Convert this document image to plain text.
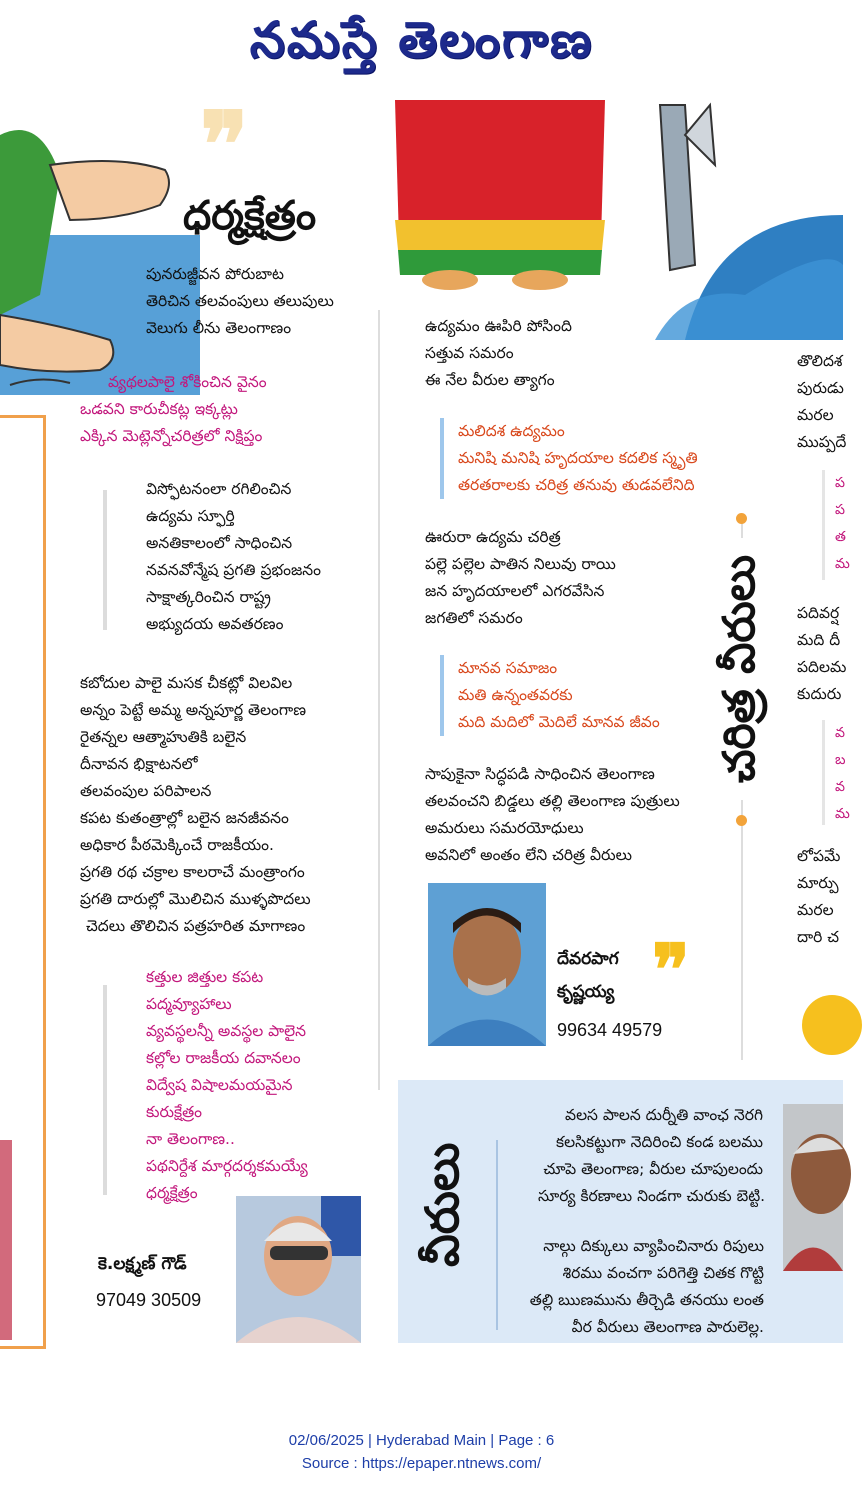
నమస్తే తెలంగాణ
❞
ధర్మక్షేత్రం
పునరుజ్జీవన పోరుబాట
తెరిచిన తలవంపులు తలుపులు
వెలుగు లీను తెలంగాణం
వ్యథలపాలై శోకించిన వైనం
ఒడవని కారుచీకట్ల ఇక్కట్లు
ఎక్కిన మెట్లెన్నోచరిత్రలో నిక్షిప్తం
విస్ఫోటనంలా రగిలించిన
ఉద్యమ స్ఫూర్తి
అనతికాలంలో సాధించిన
నవనవోన్మేష ప్రగతి ప్రభంజనం
సాక్షాత్కరించిన రాష్ట్ర
అభ్యుదయ అవతరణం
కబోదుల పాలై మసక చీకట్లో విలవిల
అన్నం పెట్టే అమ్మ అన్నపూర్ణ తెలంగాణ
రైతన్నల ఆత్మాహుతికి బలైన
దీనావన భిక్షాటనలో
తలవంపుల పరిపాలన
కపట కుతంత్రాల్లో బలైన జనజీవనం
అధికార పీఠమెక్కించే రాజకీయం.
ప్రగతి రథ చక్రాల కాలరాచే మంత్రాంగం
ప్రగతి దారుల్లో మొలిచిన ముళ్ళపొదలు
చెదలు తొలిచిన పత్రహరిత మాగాణం
కత్తుల జిత్తుల కపట
పద్మవ్యూహాలు
వ్యవస్థలన్నీ అవస్థల పాలైన
కల్లోల రాజకీయ దవానలం
విద్వేష విషాలమయమైన
కురుక్షేత్రం
నా తెలంగాణ..
పథనిర్దేశ మార్గదర్శకమయ్యే
ధర్మక్షేత్రం
కె.లక్ష్మణ్ గౌడ్
97049 30509
ఉద్యమం ఊపిరి పోసింది
సత్తువ సమరం
ఈ నేల వీరుల త్యాగం
మలిదశ ఉద్యమం
మనిషి మనిషి హృదయాల కదలిక స్మృతి
తరతరాలకు చరిత్ర తనువు తుడవలేనిది
ఊరురా ఉద్యమ చరిత్ర
పల్లె పల్లెల పాతిన నిలువు రాయి
జన హృదయాలలో ఎగరవేసిన
జగతిలో సమరం
మానవ సమాజం
మతి ఉన్నంతవరకు
మది మదిలో మెదిలే మానవ జీవం
సాపుకైనా సిద్ధపడి సాధించిన తెలంగాణ
తలవంచని బిడ్డలు తల్లి తెలంగాణ పుత్రులు
అమరులు సమరయోధులు
అవనిలో అంతం లేని చరిత్ర వీరులు
దేవరపాగ
కృష్ణయ్య
99634 49579
❞
చరిత్ర వీరులు
తొలిదశ
పురుడు
మరల
ముప్పదే
ప
ప
త
మ
పదివర్ష
మది దీ
పదిలమ
కుదురు
వ
బ
వ
మ
లోపమే
మార్పు
మరల
దారి చ
వీరులు
వలస పాలన దుర్నీతి వాంఛ నెరగి
కలసికట్టుగా నెదిరించి కండ బలము
చూపె తెలంగాణ; వీరుల చూపులందు
సూర్య కిరణాలు నిండగా చురుకు బెట్టి.
నాల్గు దిక్కులు వ్యాపించినారు రిపులు
శిరము వంచగా పరిగెత్తి చితక గొట్టి
తల్లి ఋణమును తీర్చెడి తనయు లంత
వీర వీరులు తెలంగాణ పారులెల్ల.
02/06/2025 | Hyderabad Main | Page : 6
Source : https://epaper.ntnews.com/
